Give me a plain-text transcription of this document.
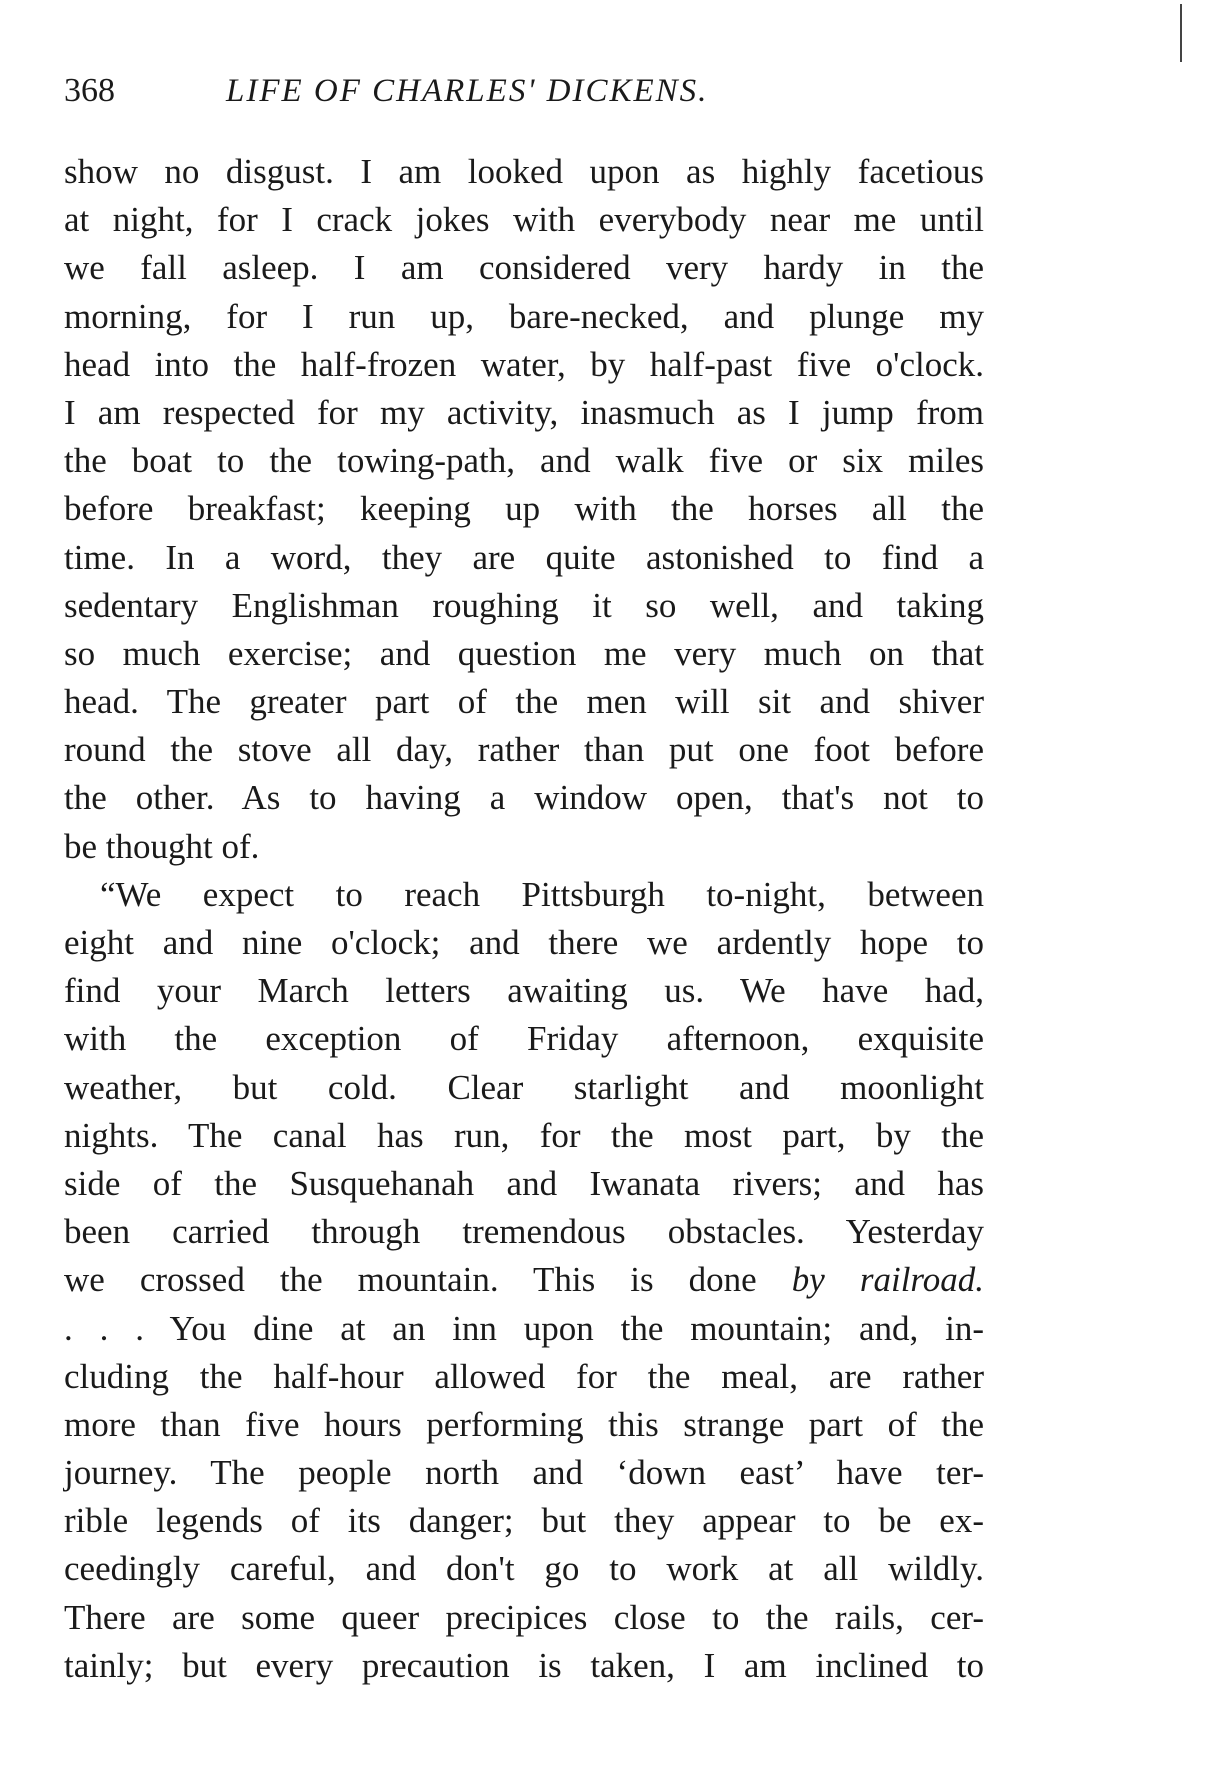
368	LIFE OF CHARLES' DICKENS.
show no disgust. I am looked upon as highly facetious
at night, for I crack jokes with everybody near me until
we fall asleep. I am considered very hardy in the
morning, for I run up, bare-necked, and plunge my
head into the half-frozen water, by half-past five o'clock.
I am respected for my activity, inasmuch as I jump from
the boat to the towing-path, and walk five or six miles
before breakfast; keeping up with the horses all the
time. In a word, they are quite astonished to find a
sedentary Englishman roughing it so well, and taking
so much exercise; and question me very much on that
head. The greater part of the men will sit and shiver
round the stove all day, rather than put one foot before
the other. As to having a window open, that's not to
be thought of.
“We expect to reach Pittsburgh to-night, between
eight and nine o'clock; and there we ardently hope to
find your March letters awaiting us. We have had,
with the exception of Friday afternoon, exquisite
weather, but cold. Clear starlight and moonlight
nights. The canal has run, for the most part, by the
side of the Susquehanah and Iwanata rivers; and has
been carried through tremendous obstacles. Yesterday
we crossed the mountain. This is done by railroad.
. . . You dine at an inn upon the mountain; and, in-
cluding the half-hour allowed for the meal, are rather
more than five hours performing this strange part of the
journey. The people north and ‘down east’ have ter-
rible legends of its danger; but they appear to be ex-
ceedingly careful, and don't go to work at all wildly.
There are some queer precipices close to the rails, cer-
tainly; but every precaution is taken, I am inclined to
